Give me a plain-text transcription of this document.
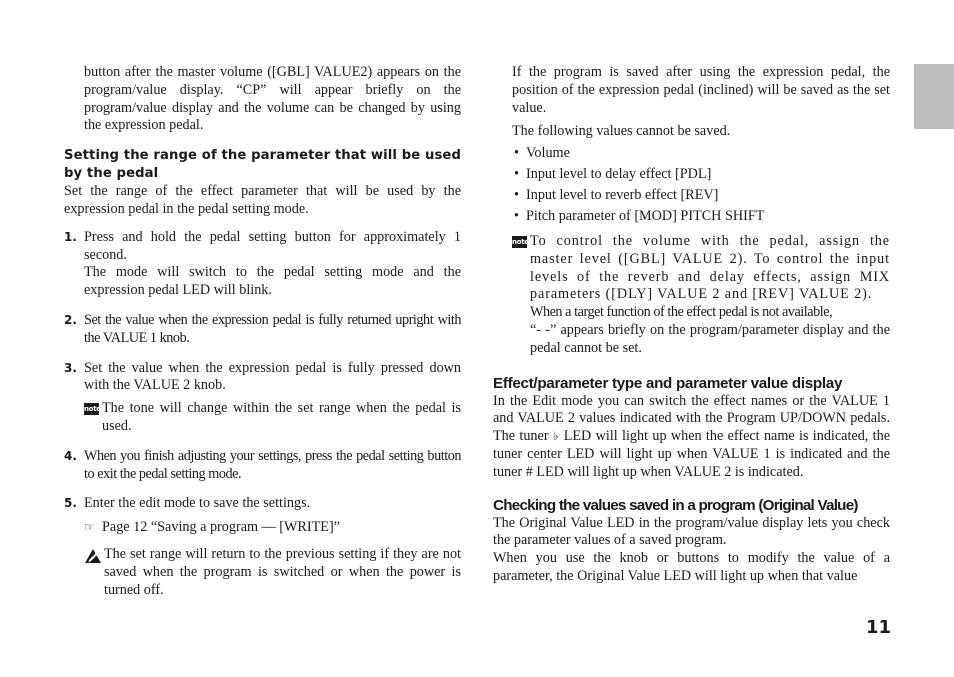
button after the master volume ([GBL] VALUE2) appears on the program/value display. “CP” will appear briefly on the program/value display and the volume can be changed by using the expression pedal.

Setting the range of the parameter that will be used by the pedal

Set the range of the effect parameter that will be used by the expression pedal in the pedal setting mode.

1. Press and hold the pedal setting button for approximately 1 second.

The mode will switch to the pedal setting mode and the expression pedal LED will blink.

2. Set the value when the expression pedal is fully returned upright with the VALUE 1 knob.

3. Set the value when the expression pedal is fully pressed down with the VALUE 2 knob.

note The tone will change within the set range when the pedal is used.

4. When you finish adjusting your settings, press the pedal setting button to exit the pedal setting mode.

5. Enter the edit mode to save the settings.

☞ Page 12 “Saving a program — [WRITE]”

The set range will return to the previous setting if they are not saved when the program is switched or when the power is turned off.

If the program is saved after using the expression pedal, the position of the expression pedal (inclined) will be saved as the set value.

The following values cannot be saved.

• Volume
• Input level to delay effect [PDL]
• Input level to reverb effect [REV]
• Pitch parameter of [MOD] PITCH SHIFT
note To control the volume with the pedal, assign the master level ([GBL] VALUE 2). To control the input levels of the reverb and delay effects, assign MIX parameters ([DLY] VALUE 2 and [REV] VALUE 2).

When a target function of the effect pedal is not available,

“- -” appears briefly on the program/parameter display and the pedal cannot be set.

Effect/parameter type and parameter value display

In the Edit mode you can switch the effect names or the VALUE 1 and VALUE 2 values indicated with the Program UP/DOWN pedals. The tuner ♭ LED will light up when the effect name is indicated, the tuner center LED will light up when VALUE 1 is indicated and the tuner # LED will light up when VALUE 2 is indicated.

Checking the values saved in a program (Original Value)

The Original Value LED in the program/value display lets you check the parameter values of a saved program.

When you use the knob or buttons to modify the value of a parameter, the Original Value LED will light up when that value

11
